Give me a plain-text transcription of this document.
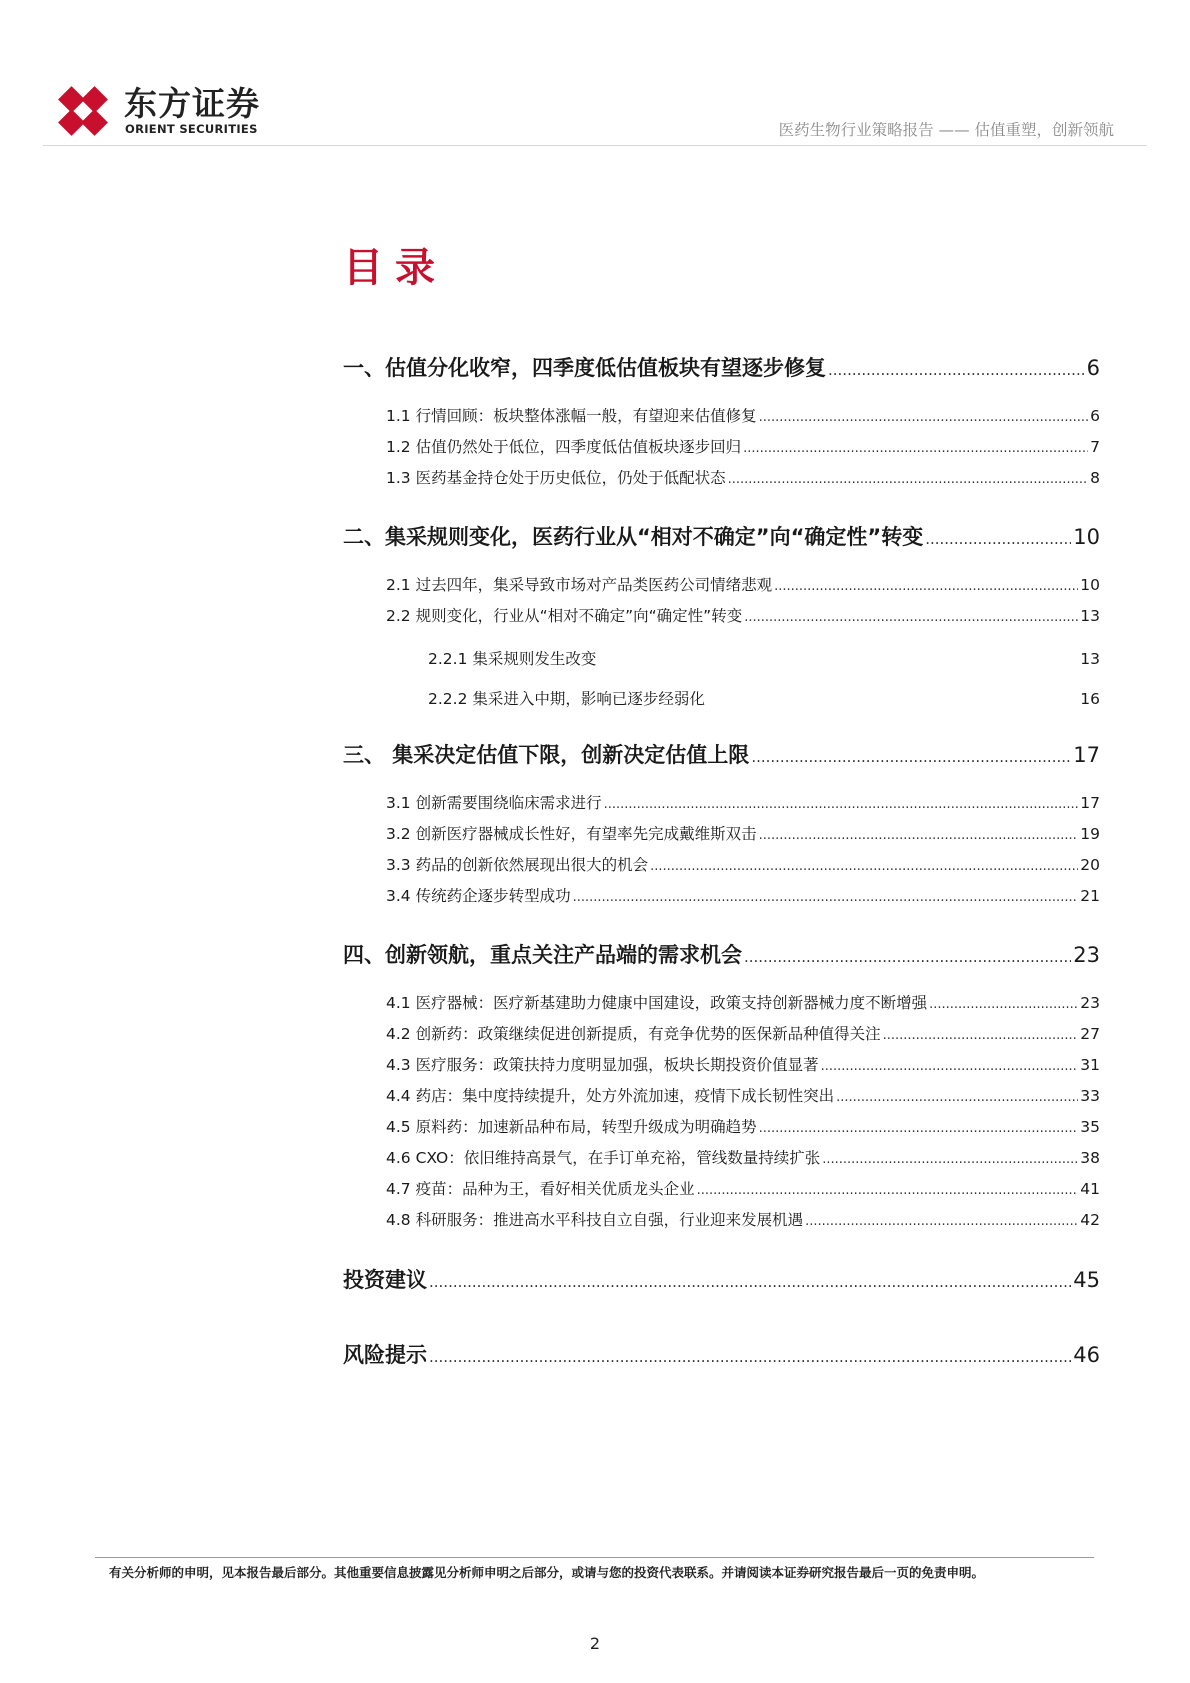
东方证券
ORIENT SECURITIES	医药生物行业策略报告 —— 估值重塑，创新领航
目录
一、估值分化收窄，四季度低估值板块有望逐步修复 .....	6
1.1 行情回顾：板块整体涨幅一般，有望迎来估值修复 .....	6
1.2 估值仍然处于低位，四季度低估值板块逐步回归 .....	7
1.3 医药基金持仓处于历史低位，仍处于低配状态 .....	8
二、集采规则变化，医药行业从“相对不确定”向“确定性”转变 .....	10
2.1 过去四年，集采导致市场对产品类医药公司情绪悲观 .....	10
2.2 规则变化，行业从“相对不确定”向“确定性”转变 .....	13
2.2.1 集采规则发生改变	13
2.2.2 集采进入中期，影响已逐步经弱化	16
三、 集采决定估值下限，创新决定估值上限 .....	17
3.1 创新需要围绕临床需求进行 .....	17
3.2 创新医疗器械成长性好，有望率先完成戴维斯双击 .....	19
3.3 药品的创新依然展现出很大的机会 .....	20
3.4 传统药企逐步转型成功 .....	21
四、创新领航，重点关注产品端的需求机会 .....	23
4.1 医疗器械：医疗新基建助力健康中国建设，政策支持创新器械力度不断增强 .....	23
4.2 创新药：政策继续促进创新提质，有竞争优势的医保新品种值得关注 .....	27
4.3 医疗服务：政策扶持力度明显加强，板块长期投资价值显著 .....	31
4.4 药店：集中度持续提升，处方外流加速，疫情下成长韧性突出 .....	33
4.5 原料药：加速新品种布局，转型升级成为明确趋势 .....	35
4.6 CXO：依旧维持高景气，在手订单充裕，管线数量持续扩张 .....	38
4.7 疫苗：品种为王，看好相关优质龙头企业 .....	41
4.8 科研服务：推进高水平科技自立自强，行业迎来发展机遇 .....	42
投资建议 .....	45
风险提示 .....	46
有关分析师的申明，见本报告最后部分。其他重要信息披露见分析师申明之后部分，或请与您的投资代表联系。并请阅读本证券研究报告最后一页的免责申明。
2
